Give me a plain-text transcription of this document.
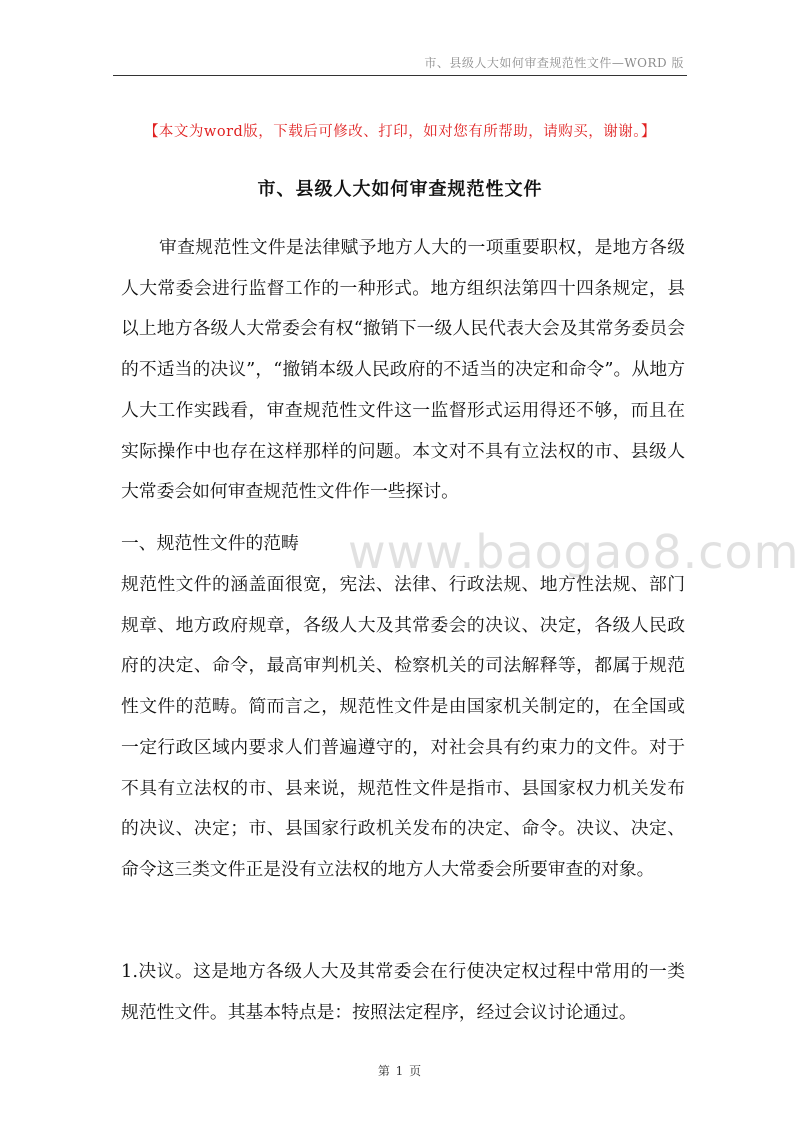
市、县级人大如何审查规范性文件—WORD 版
【本文为word版，下载后可修改、打印，如对您有所帮助，请购买，谢谢。】
市、县级人大如何审查规范性文件

审查规范性文件是法律赋予地方人大的一项重要职权，是地方各级人大常委会进行监督工作的一种形式。地方组织法第四十四条规定，县以上地方各级人大常委会有权“撤销下一级人民代表大会及其常务委员会的不适当的决议”，“撤销本级人民政府的不适当的决定和命令”。从地方人大工作实践看，审查规范性文件这一监督形式运用得还不够，而且在实际操作中也存在这样那样的问题。本文对不具有立法权的市、县级人大常委会如何审查规范性文件作一些探讨。

一、规范性文件的范畴

规范性文件的涵盖面很宽，宪法、法律、行政法规、地方性法规、部门规章、地方政府规章，各级人大及其常委会的决议、决定，各级人民政府的决定、命令，最高审判机关、检察机关的司法解释等，都属于规范性文件的范畴。简而言之，规范性文件是由国家机关制定的，在全国或一定行政区域内要求人们普遍遵守的，对社会具有约束力的文件。对于不具有立法权的市、县来说，规范性文件是指市、县国家权力机关发布的决议、决定；市、县国家行政机关发布的决定、命令。决议、决定、命令这三类文件正是没有立法权的地方人大常委会所要审查的对象。

1.决议。这是地方各级人大及其常委会在行使决定权过程中常用的一类规范性文件。其基本特点是：按照法定程序，经过会议讨论通过。

www.baogao8.com
第 1 页
